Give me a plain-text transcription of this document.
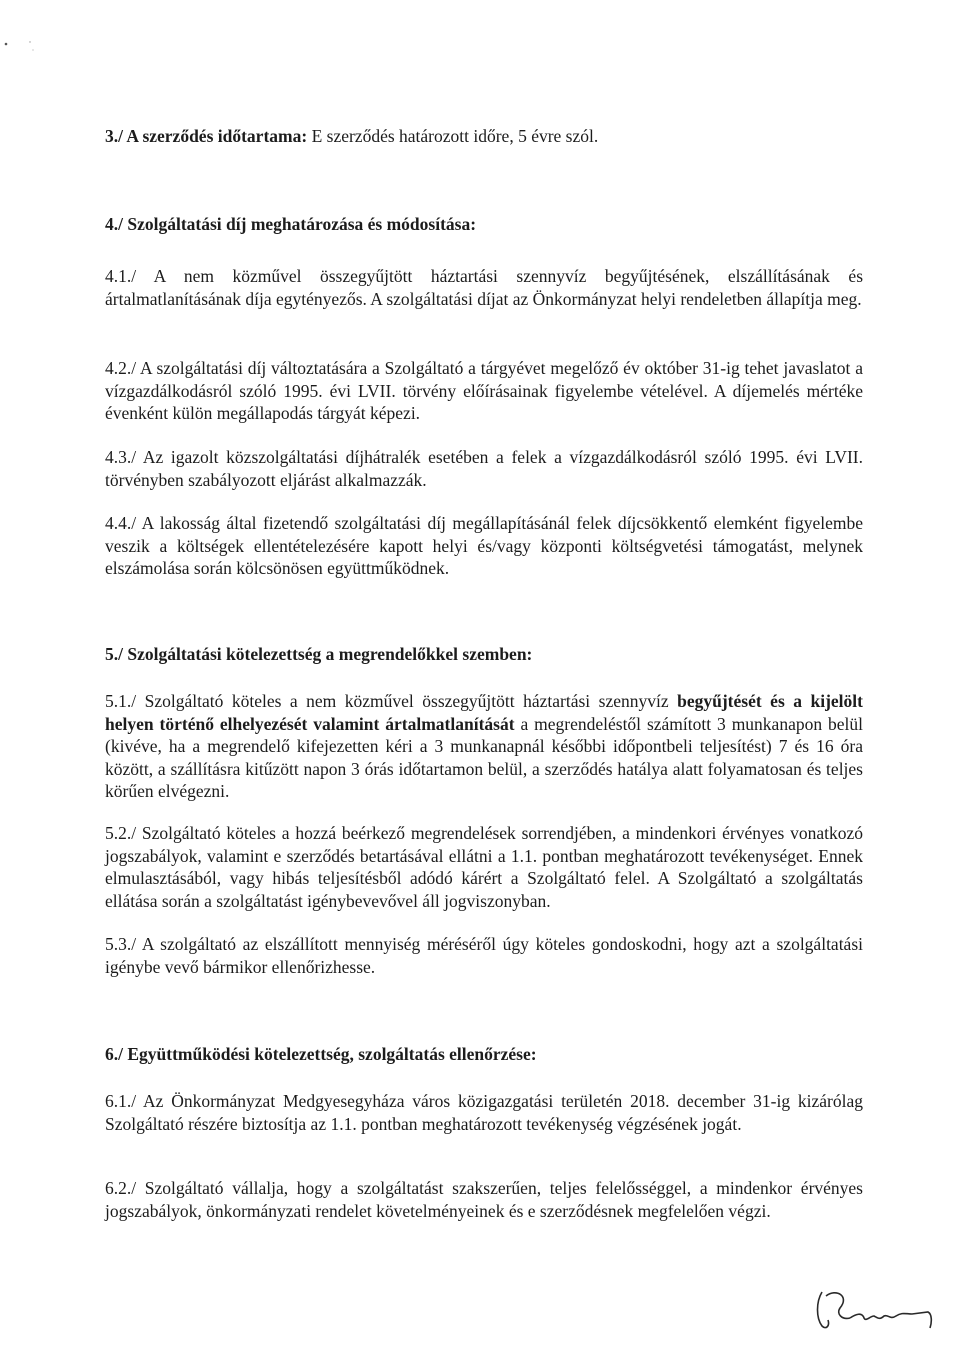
3./ A szerződés időtartama: E szerződés határozott időre, 5 évre szól.

4./ Szolgáltatási díj meghatározása és módosítása:

4.1./ A nem közművel összegyűjtött háztartási szennyvíz begyűjtésének, elszállításának és ártalmatlanításának díja egytényezős. A szolgáltatási díjat az Önkormányzat helyi rendeletben állapítja meg.

4.2./ A szolgáltatási díj változtatására a Szolgáltató a tárgyévet megelőző év október 31-ig tehet javaslatot a vízgazdálkodásról szóló 1995. évi LVII. törvény előírásainak figyelembe vételével. A díjemelés mértéke évenként külön megállapodás tárgyát képezi.

4.3./ Az igazolt közszolgáltatási díjhátralék esetében a felek a vízgazdálkodásról szóló 1995. évi LVII. törvényben szabályozott eljárást alkalmazzák.

4.4./ A lakosság által fizetendő szolgáltatási díj megállapításánál felek díjcsökkentő elemként figyelembe veszik a költségek ellentételezésére kapott helyi és/vagy központi költségvetési támogatást, melynek elszámolása során kölcsönösen együttműködnek.

5./ Szolgáltatási kötelezettség a megrendelőkkel szemben:

5.1./ Szolgáltató köteles a nem közművel összegyűjtött háztartási szennyvíz begyűjtését és a kijelölt helyen történő elhelyezését valamint ártalmatlanítását a megrendeléstől számított 3 munkanapon belül (kivéve, ha a megrendelő kifejezetten kéri a 3 munkanapnál későbbi időpontbeli teljesítést) 7 és 16 óra között, a szállításra kitűzött napon 3 órás időtartamon belül, a szerződés hatálya alatt folyamatosan és teljes körűen elvégezni.

5.2./ Szolgáltató köteles a hozzá beérkező megrendelések sorrendjében, a mindenkori érvényes vonatkozó jogszabályok, valamint e szerződés betartásával ellátni a 1.1. pontban meghatározott tevékenységet. Ennek elmulasztásából, vagy hibás teljesítésből adódó kárért a Szolgáltató felel. A Szolgáltató a szolgáltatás ellátása során a szolgáltatást igénybevevővel áll jogviszonyban.

5.3./ A szolgáltató az elszállított mennyiség méréséről úgy köteles gondoskodni, hogy azt a szolgáltatási igénybe vevő bármikor ellenőrizhesse.

6./ Együttműködési kötelezettség, szolgáltatás ellenőrzése:

6.1./ Az Önkormányzat Medgyesegyháza város közigazgatási területén 2018. december 31-ig kizárólag Szolgáltató részére biztosítja az 1.1. pontban meghatározott tevékenység végzésének jogát.

6.2./ Szolgáltató vállalja, hogy a szolgáltatást szakszerűen, teljes felelősséggel, a mindenkor érvényes jogszabályok, önkormányzati rendelet követelményeinek és e szerződésnek megfelelően végzi.
